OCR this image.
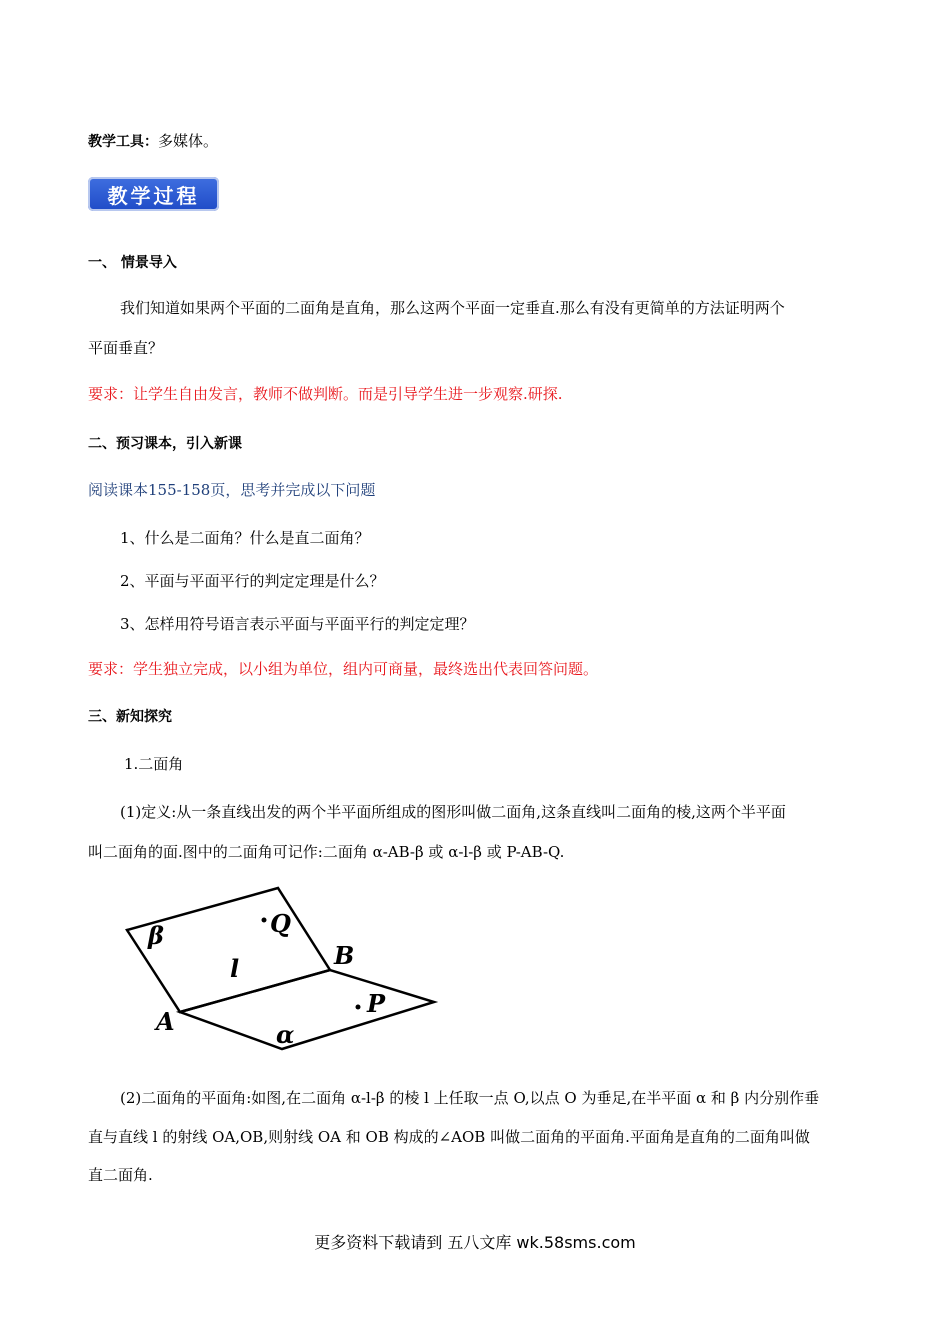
教学工具：多媒体。
教学过程
一、 情景导入
我们知道如果两个平面的二面角是直角，那么这两个平面一定垂直.那么有没有更简单的方法证明两个
平面垂直？
要求：让学生自由发言，教师不做判断。而是引导学生进一步观察.研探.
二、预习课本，引入新课
阅读课本155-158页，思考并完成以下问题
1、什么是二面角？什么是直二面角？
2、平面与平面平行的判定定理是什么？
3、怎样用符号语言表示平面与平面平行的判定定理？
要求：学生独立完成，以小组为单位，组内可商量，最终选出代表回答问题。
三、新知探究
1.二面角
(1)定义:从一条直线出发的两个半平面所组成的图形叫做二面角,这条直线叫二面角的棱,这两个半平面
叫二面角的面.图中的二面角可记作:二面角 α-AB-β 或 α-l-β 或 P-AB-Q.
β	Q
l	B
A
P
α
(2)二面角的平面角:如图,在二面角 α-l-β 的棱 l 上任取一点 O,以点 O 为垂足,在半平面 α 和 β 内分别作垂
直与直线 l 的射线 OA,OB,则射线 OA 和 OB 构成的∠AOB 叫做二面角的平面角.平面角是直角的二面角叫做
直二面角.
更多资料下载请到 五八文库 wk.58sms.com
